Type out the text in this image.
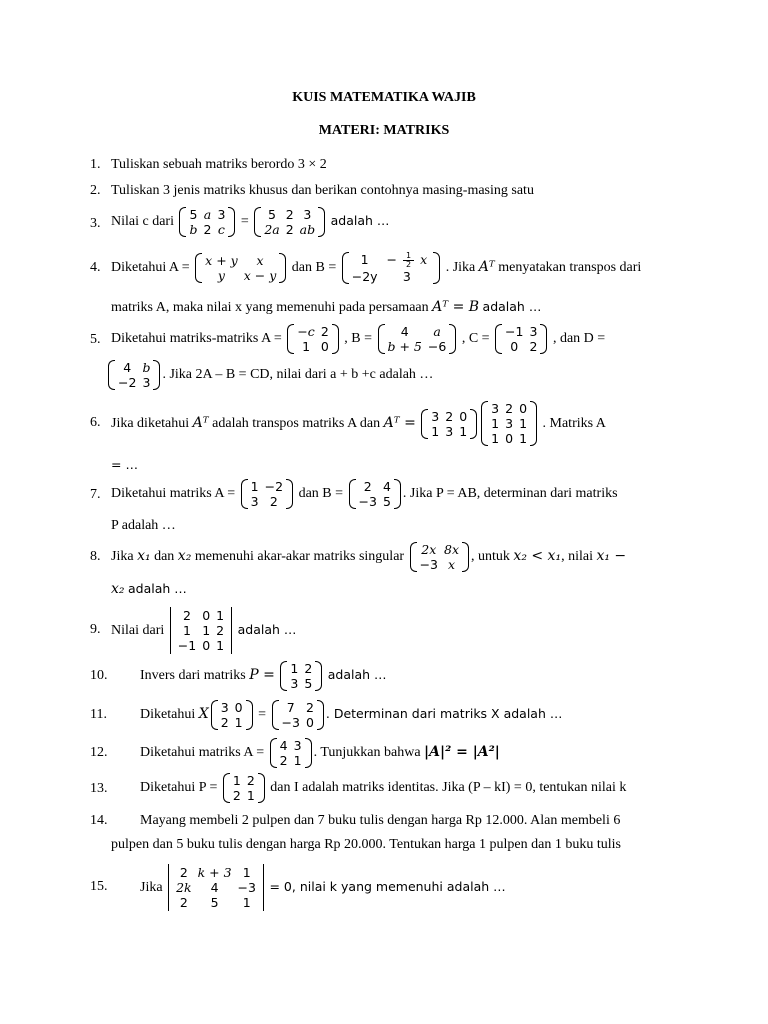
KUIS MATEMATIKA WAJIB
MATERI: MATRIKS
1. Tuliskan sebuah matriks berordo 3 × 2
2. Tuliskan 3 jenis matriks khusus dan berikan contohnya masing-masing satu
3. Nilai c dari 5 a 3
b 2 c
=	5 2 3
2a 2 ab
adalah …
4. Diketahui A = x + y	x
y	x − y
dan B =
1	− $\frac{1}{2}$ x
−2y	3
. Jika Aᵀ menyatakan transpos dari
matriks A, maka nilai x yang memenuhi pada persamaan Aᵀ = B adalah …
5. Diketahui matriks-matriks A = −c 2
1 0
, B =	4	a
b + 5 −6
, C = −1 3
0 2
, dan D =
4 b
−2 3
. Jika 2A – B = CD, nilai dari a + b +c adalah …
6. Jika diketahui Aᵀ adalah transpos matriks A dan Aᵀ = 3 2 0
1 3 1
3 2 0
1 3 1
1 0 1
. Matriks A
= …
7. Diketahui matriks A = 1 −2
3 2
dan B =	2 4
−3 5
. Jika P = AB, determinan dari matriks
P adalah …
8. Jika x₁ dan x₂ memenuhi akar-akar matriks singular	2x 8x
−3 x
, untuk x₂ < x₁, nilai x₁ −
x₂ adalah …
9. Nilai dari
2 0 1
1 1 2
−1 0 1
adalah …
10. Invers dari matriks P = 1 2
3 5
adalah …
11. Diketahui X 3 0
2 1
=	7 2
−3 0
. Determinan dari matriks X adalah …
12. Diketahui matriks A = 4 3
2 1
. Tunjukkan bahwa |A|² = |A²|
13. Diketahui P = 1 2
2 1
dan I adalah matriks identitas. Jika (P – kI) = 0, tentukan nilai k
14. Mayang membeli 2 pulpen dan 7 buku tulis dengan harga Rp 12.000. Alan membeli 6
pulpen dan 5 buku tulis dengan harga Rp 20.000. Tentukan harga 1 pulpen dan 1 buku tulis
15. Jika
2 k + 3 1
2k	4	−3
2	5	1
= 0, nilai k yang memenuhi adalah …
